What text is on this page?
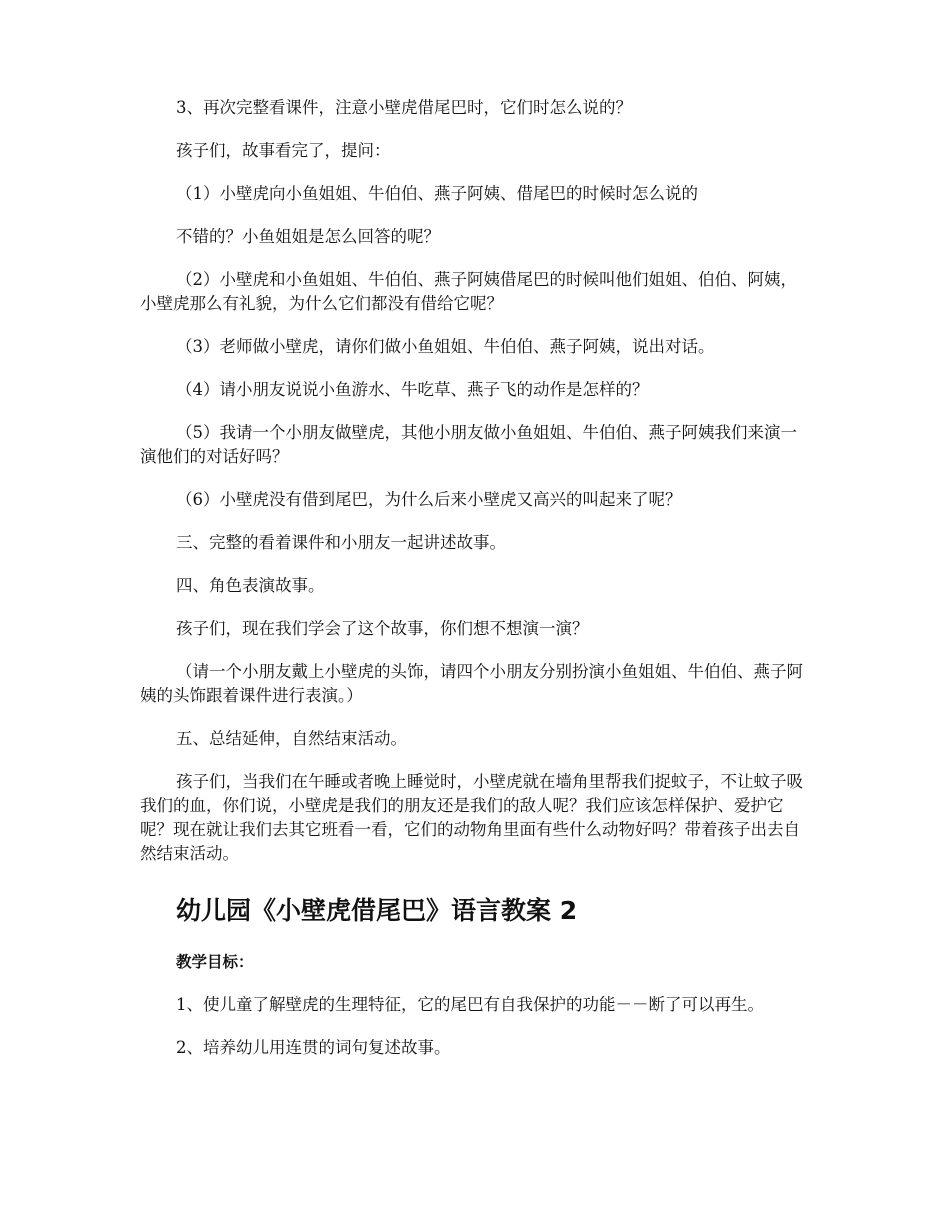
3、再次完整看课件，注意小壁虎借尾巴时，它们时怎么说的？

孩子们，故事看完了，提问：

（1）小壁虎向小鱼姐姐、牛伯伯、燕子阿姨、借尾巴的时候时怎么说的

不错的？小鱼姐姐是怎么回答的呢？

（2）小壁虎和小鱼姐姐、牛伯伯、燕子阿姨借尾巴的时候叫他们姐姐、伯伯、阿姨，小壁虎那么有礼貌，为什么它们都没有借给它呢？

（3）老师做小壁虎，请你们做小鱼姐姐、牛伯伯、燕子阿姨，说出对话。

（4）请小朋友说说小鱼游水、牛吃草、燕子飞的动作是怎样的？

（5）我请一个小朋友做壁虎，其他小朋友做小鱼姐姐、牛伯伯、燕子阿姨我们来演一演他们的对话好吗？

（6）小壁虎没有借到尾巴，为什么后来小壁虎又高兴的叫起来了呢？

三、完整的看着课件和小朋友一起讲述故事。

四、角色表演故事。

孩子们，现在我们学会了这个故事，你们想不想演一演？

（请一个小朋友戴上小壁虎的头饰，请四个小朋友分别扮演小鱼姐姐、牛伯伯、燕子阿姨的头饰跟着课件进行表演。）

五、总结延伸，自然结束活动。

孩子们，当我们在午睡或者晚上睡觉时，小壁虎就在墙角里帮我们捉蚊子，不让蚊子吸我们的血，你们说，小壁虎是我们的朋友还是我们的敌人呢？我们应该怎样保护、爱护它呢？现在就让我们去其它班看一看，它们的动物角里面有些什么动物好吗？带着孩子出去自然结束活动。

幼儿园《小壁虎借尾巴》语言教案 2
教学目标：

1、使儿童了解壁虎的生理特征，它的尾巴有自我保护的功能－－断了可以再生。

2、培养幼儿用连贯的词句复述故事。
